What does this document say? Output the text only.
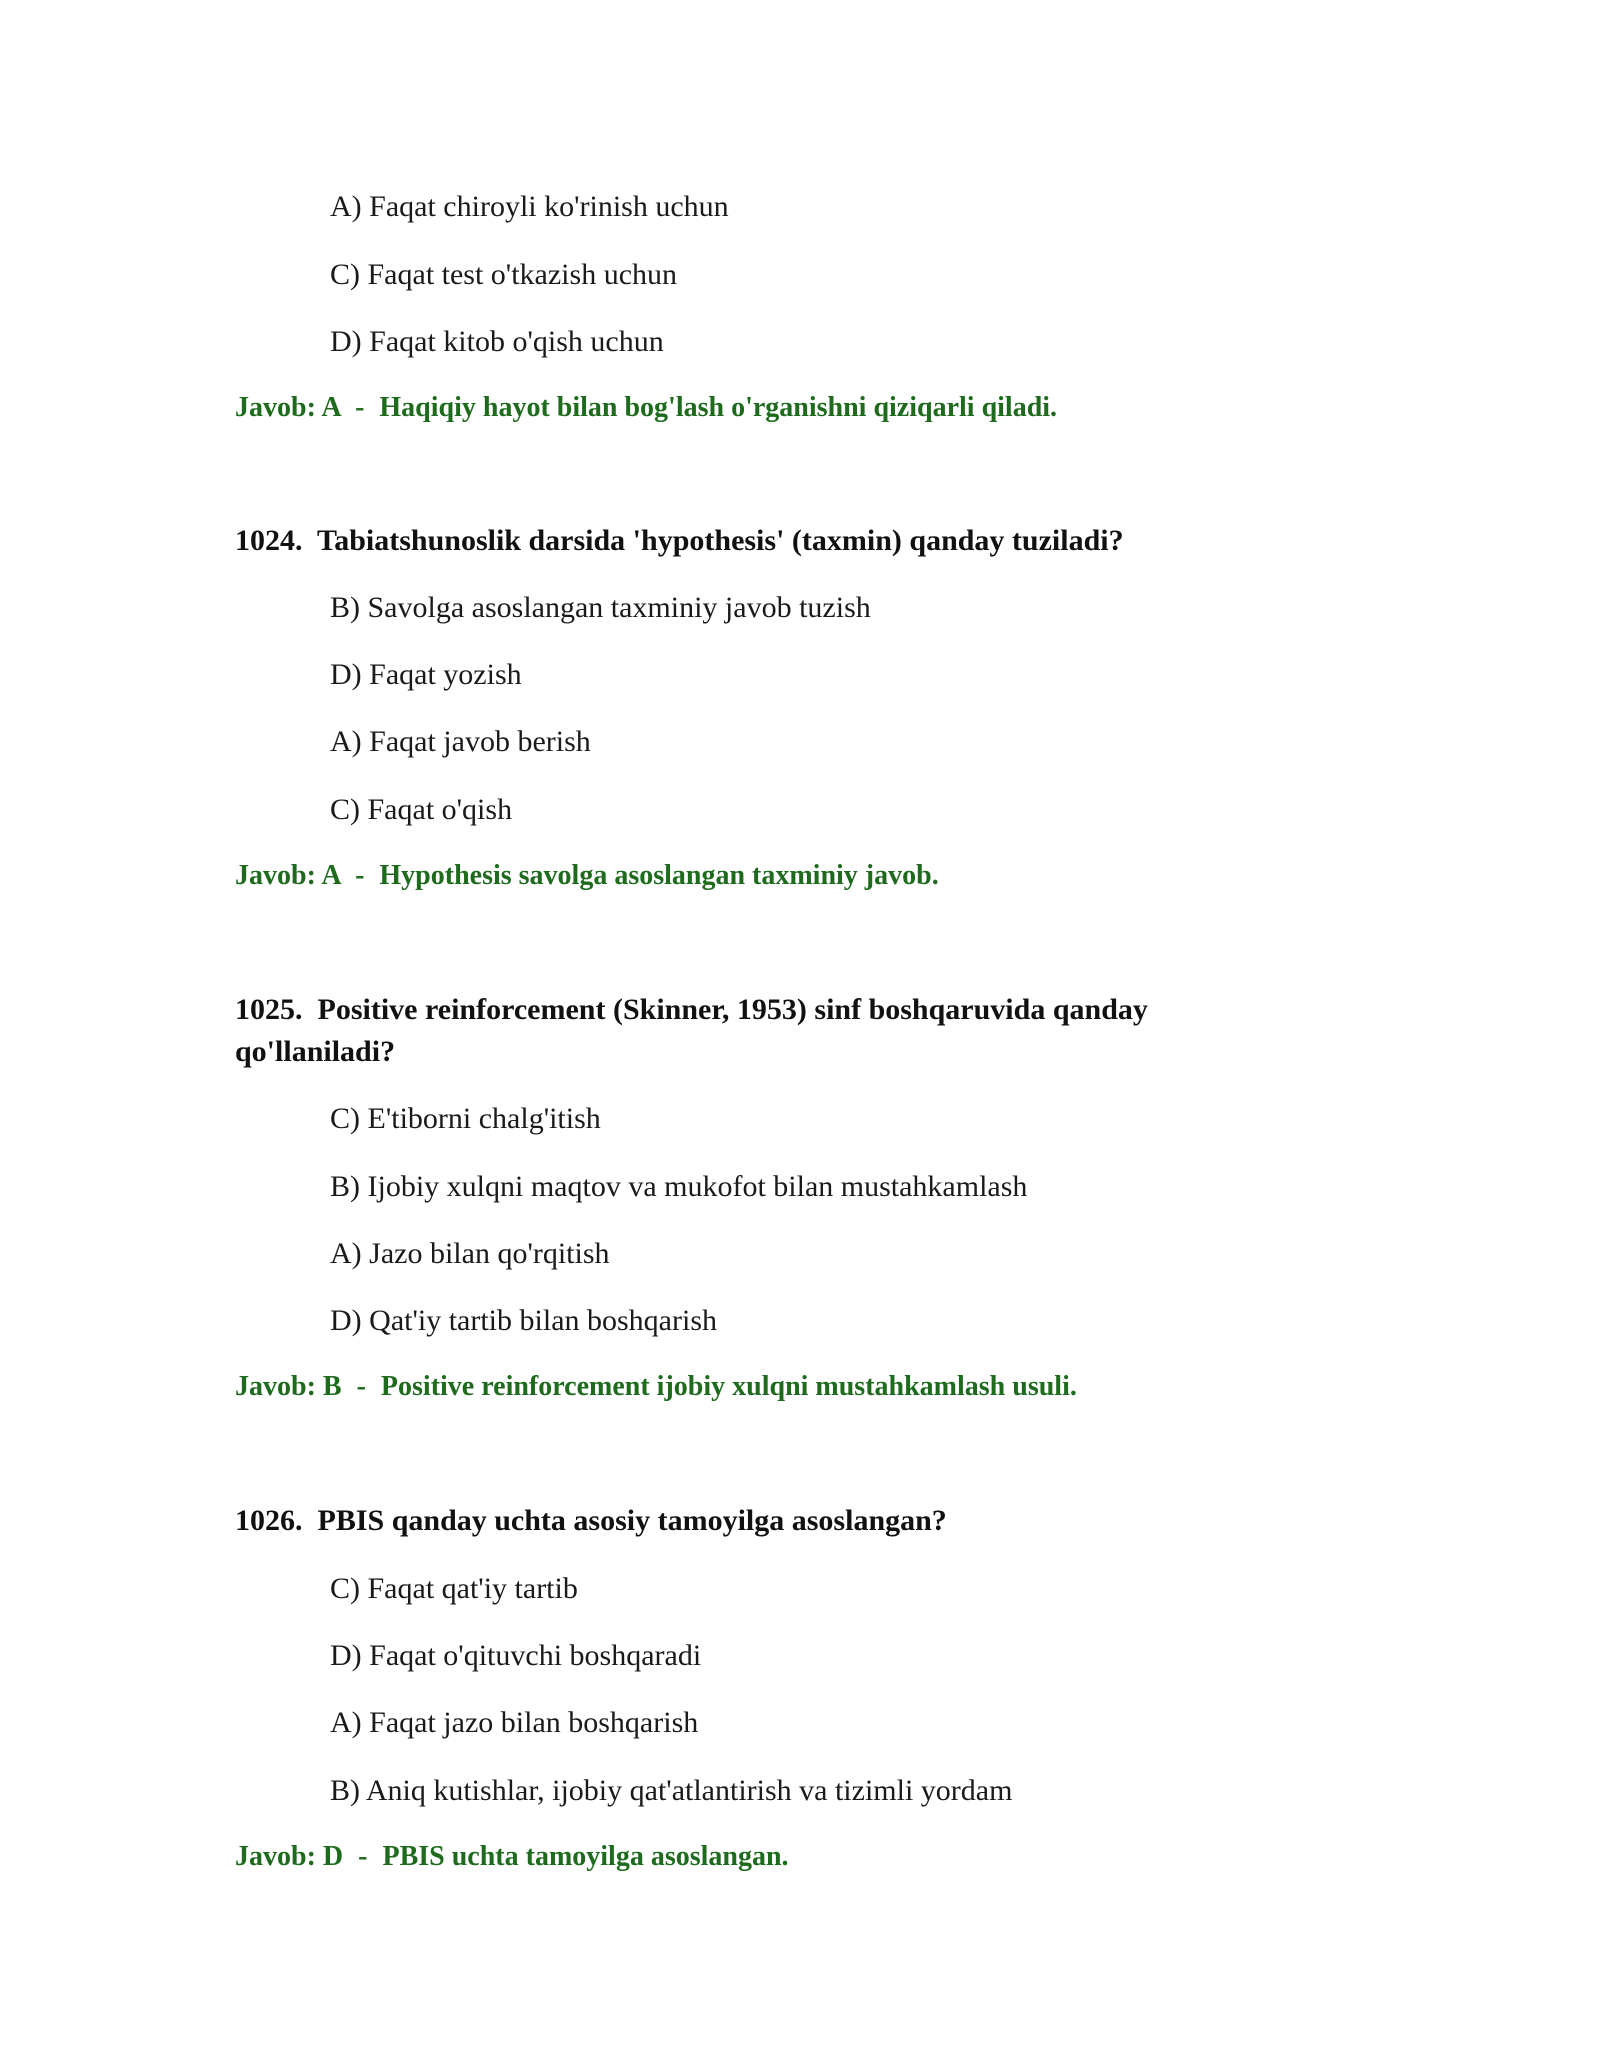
A) Faqat chiroyli ko'rinish uchun
C) Faqat test o'tkazish uchun
D) Faqat kitob o'qish uchun
Javob: A - Haqiqiy hayot bilan bog'lash o'rganishni qiziqarli qiladi.
1024. Tabiatshunoslik darsida 'hypothesis' (taxmin) qanday tuziladi?
B) Savolga asoslangan taxminiy javob tuzish
D) Faqat yozish
A) Faqat javob berish
C) Faqat o'qish
Javob: A - Hypothesis savolga asoslangan taxminiy javob.
1025. Positive reinforcement (Skinner, 1953) sinf boshqaruvida qanday qo'llaniladi?
C) E'tiborni chalg'itish
B) Ijobiy xulqni maqtov va mukofot bilan mustahkamlash
A) Jazo bilan qo'rqitish
D) Qat'iy tartib bilan boshqarish
Javob: B - Positive reinforcement ijobiy xulqni mustahkamlash usuli.
1026. PBIS qanday uchta asosiy tamoyilga asoslangan?
C) Faqat qat'iy tartib
D) Faqat o'qituvchi boshqaradi
A) Faqat jazo bilan boshqarish
B) Aniq kutishlar, ijobiy qat'atlantirish va tizimli yordam
Javob: D - PBIS uchta tamoyilga asoslangan.
